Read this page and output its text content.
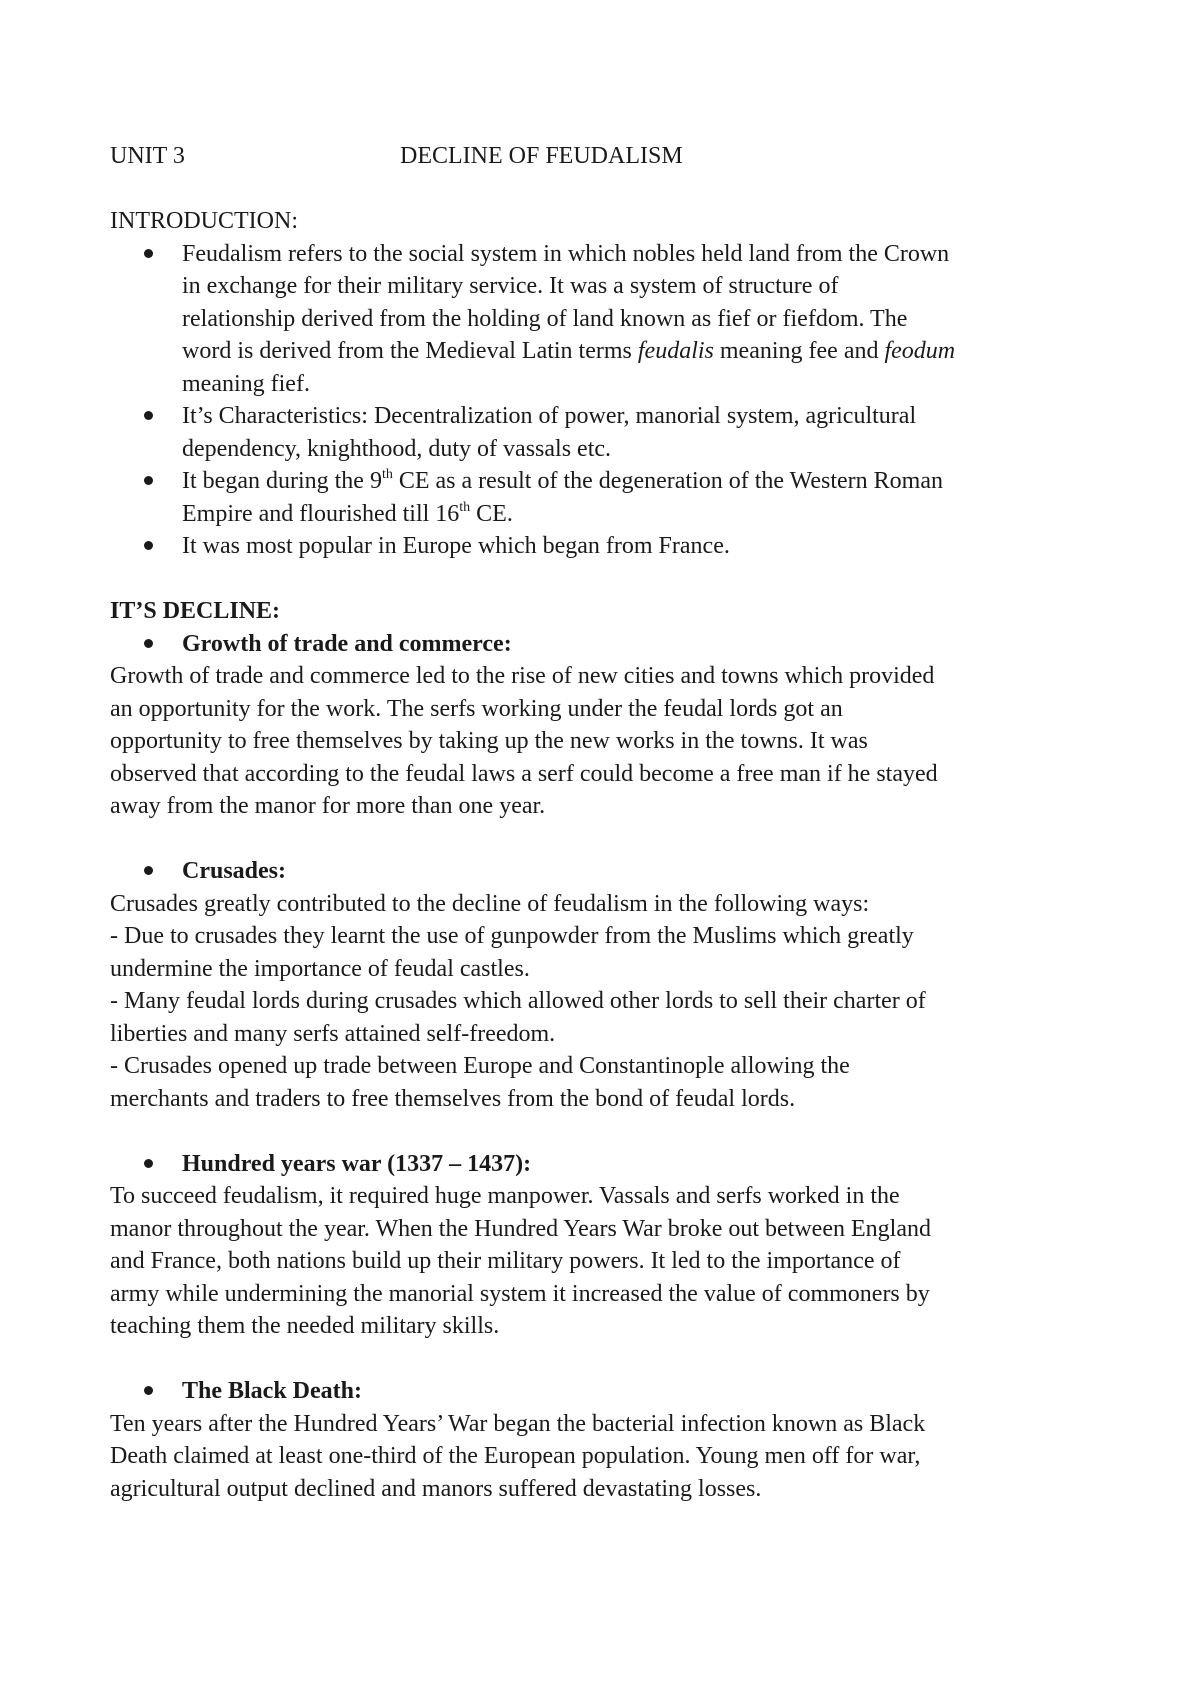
UNIT 3	DECLINE OF FEUDALISM
INTRODUCTION:
Feudalism refers to the social system in which nobles held land from the Crown
in exchange for their military service. It was a system of structure of
relationship derived from the holding of land known as fief or fiefdom. The
word is derived from the Medieval Latin terms feudalis meaning fee and feodum
meaning fief.
It’s Characteristics: Decentralization of power, manorial system, agricultural
dependency, knighthood, duty of vassals etc.
It began during the 9th CE as a result of the degeneration of the Western Roman
Empire and flourished till 16th CE.
It was most popular in Europe which began from France.
IT’S DECLINE:
Growth of trade and commerce:
Growth of trade and commerce led to the rise of new cities and towns which provided
an opportunity for the work. The serfs working under the feudal lords got an
opportunity to free themselves by taking up the new works in the towns. It was
observed that according to the feudal laws a serf could become a free man if he stayed
away from the manor for more than one year.
Crusades:
Crusades greatly contributed to the decline of feudalism in the following ways:
- Due to crusades they learnt the use of gunpowder from the Muslims which greatly
undermine the importance of feudal castles.
- Many feudal lords during crusades which allowed other lords to sell their charter of
liberties and many serfs attained self-freedom.
- Crusades opened up trade between Europe and Constantinople allowing the
merchants and traders to free themselves from the bond of feudal lords.
Hundred years war (1337 – 1437):
To succeed feudalism, it required huge manpower. Vassals and serfs worked in the
manor throughout the year. When the Hundred Years War broke out between England
and France, both nations build up their military powers. It led to the importance of
army while undermining the manorial system it increased the value of commoners by
teaching them the needed military skills.
The Black Death:
Ten years after the Hundred Years’ War began the bacterial infection known as Black
Death claimed at least one-third of the European population. Young men off for war,
agricultural output declined and manors suffered devastating losses.
